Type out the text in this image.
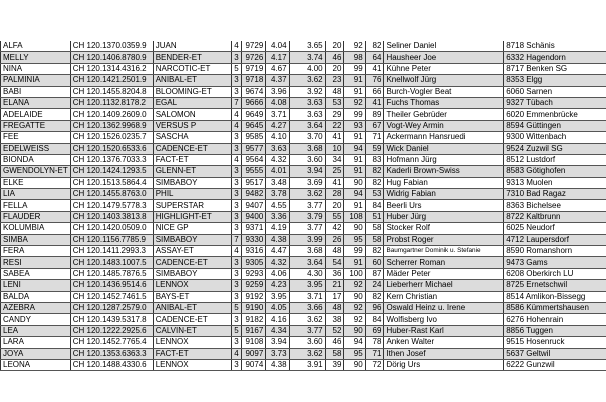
ALFA	CH 120.1370.0359.9	JUAN	4	9729	4.04	3.65	20	92	82	Seliner Daniel	8718 Schänis
MELLY	CH 120.1406.8780.9	BENDER-ET	3	9726	4.17	3.74	46	98	64	Hausheer Joe	6332 Hagendorn
NINA	CH 120.1314.4316.2	NARCOTIC-ET	5	9719	4.67	4.00	20	99	41	Kühne Peter	8717 Benken SG
PALMINIA	CH 120.1421.2501.9	ANIBAL-ET	3	9718	4.37	3.62	23	91	76	Knellwolf Jürg	8353 Elgg
BABI	CH 120.1455.8204.8	BLOOMING-ET	3	9674	3.96	3.92	48	91	66	Burch-Vogler Beat	6060 Sarnen
ELANA	CH 120.1132.8178.2	EGAL	7	9666	4.08	3.63	53	92	41	Fuchs Thomas	9327 Tübach
ADELAIDE	CH 120.1409.2609.0	SALOMON	4	9649	3.71	3.63	29	99	89	Theiler Gebrüder	6020 Emmenbrücke
FREGATTE	CH 120.1362.9968.9	VERSUS P	4	9645	4.27	3.64	22	93	67	Vogt-Wey Armin	8594 Güttingen
FEE	CH 120.1526.0235.7	SASCHA	3	9585	4.10	3.70	41	91	71	Ackermann Hansruedi	9300 Wittenbach
EDELWEISS	CH 120.1520.6533.6	CADENCE-ET	3	9577	3.63	3.68	10	94	59	Wick Daniel	9524 Zuzwil SG
BIONDA	CH 120.1376.7033.3	FACT-ET	4	9564	4.32	3.60	34	91	83	Hofmann Jürg	8512 Lustdorf
GWENDOLYN-ET	CH 120.1424.1293.5	GLENN-ET	3	9555	4.01	3.94	25	91	82	Kaderli Brown-Swiss	8583 Götighofen
ELKE	CH 120.1513.5864.4	SIMBABOY	3	9517	3.48	3.69	41	90	82	Hug Fabian	9313 Muolen
LIA	CH 120.1455.8763.0	PHIL	3	9482	3.78	3.62	28	94	53	Widrig Fabian	7310 Bad Ragaz
FELLA	CH 120.1479.5778.3	SUPERSTAR	3	9407	4.55	3.77	20	91	84	Beerli Urs	8363 Bichelsee
FLAUDER	CH 120.1403.3813.8	HIGHLIGHT-ET	3	9400	3.36	3.79	55	108	51	Huber Jürg	8722 Kaltbrunn
KOLUMBIA	CH 120.1420.0509.0	NICE GP	3	9371	4.19	3.77	42	90	58	Stocker Rolf	6025 Neudorf
SIMBA	CH 120.1156.7785.9	SIMBABOY	7	9330	4.38	3.99	26	95	58	Probst Roger	4712 Laupersdorf
FERA	CH 120.1411.2993.3	ASSAY-ET	4	9316	4.47	3.68	48	99	82	Baumgartner Dominik u. Stefanie	8590 Romanshorn
RESI	CH 120.1483.1007.5	CADENCE-ET	3	9305	4.32	3.64	54	91	60	Scherrer Roman	9473 Gams
SABEA	CH 120.1485.7876.5	SIMBABOY	3	9293	4.06	4.30	36	100	87	Mäder Peter	6208 Oberkirch LU
LENI	CH 120.1436.9514.6	LENNOX	3	9259	4.23	3.95	21	92	24	Lieberherr Michael	8725 Ernetschwil
BALDA	CH 120.1452.7461.5	BAYS-ET	3	9192	3.95	3.71	17	90	82	Kern Christian	8514 Amlikon-Bissegg
AZEBRA	CH 120.1287.2579.0	ANIBAL-ET	5	9190	4.05	3.66	48	92	96	Oswald Heinz u. Irene	8586 Kümmertshausen
CANDY	CH 120.1439.5317.8	CADENCE-ET	3	9182	4.16	3.62	38	92	84	Wolfisberg Ivo	6276 Hohenrain
LEA	CH 120.1222.2925.6	CALVIN-ET	5	9167	4.34	3.77	52	90	69	Huber-Rast Karl	8856 Tuggen
LARA	CH 120.1452.7765.4	LENNOX	3	9108	3.94	3.60	46	94	78	Anken Walter	9515 Hosenruck
JOYA	CH 120.1353.6363.3	FACT-ET	4	9097	3.73	3.62	58	95	71	Ithen Josef	5637 Geltwil
LEONA	CH 120.1488.4330.6	LENNOX	3	9074	4.38	3.91	39	90	72	Dörig Urs	6222 Gunzwil
